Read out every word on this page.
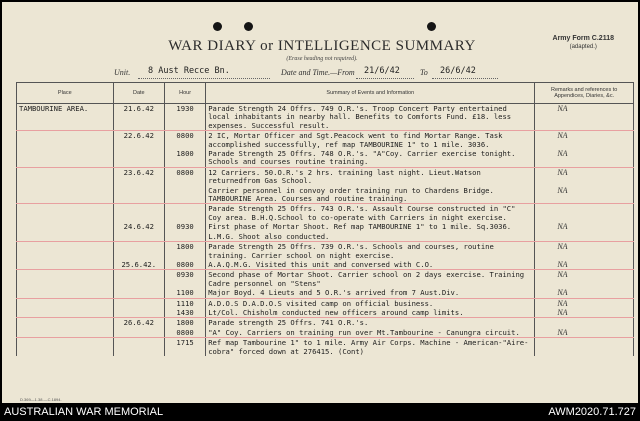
WAR DIARY or INTELLIGENCE SUMMARY
(Erase heading not required).
Army Form C.2118
(adapted.)
Unit. 8 Aust Recce Bn.	Date and Time.—From 21/6/42	To 26/6/42
Place	Date	Hour	Summary of Events and Information	Remarks and references to Appendices, Diaries, &c.
TAMBOURINE AREA.	21.6.42	1930	Parade Strength 24 Offrs. 749 O.R.'s. Troop Concert Party entertained local inhabitants in nearby hall. Benefits to Comforts Fund. £18. less expenses. Successful result.	NA
	22.6.42	0800	2 IC, Mortar Officer and Sgt.Peacock went to find Mortar Range. Task accomplished successfully, ref map TAMBOURINE 1" to 1 mile. 3036.	NA
		1800	Parade Strength 25 Offrs. 748 O.R.'s. "A"Coy. Carrier exercise tonight. Schools and courses routine training.	NA
	23.6.42	0800	12 Carriers. 50.O.R.'s 2 hrs. training last night. Lieut.Watson returnedfrom Gas School.	NA
			Carrier personnel in convoy order training run to Chardens Bridge. TAMBOURINE Area. Courses and routine training.	NA
			Parade Strength 25 Offrs. 743 O.R.'s. Assault Course constructed in "C" Coy area. B.H.Q.School to co-operate with Carriers in night exercise.	
	24.6.42	0930	First phase of Mortar Shoot. Ref map TAMBOURINE 1" to 1 mile. Sq.3036.	NA
			L.M.G. Shoot also conducted.	
		1800	Parade Strength 25 Offrs. 739 O.R.'s. Schools and courses, routine training. Carrier school on night exercise.	NA
	25.6.42.	0800	A.A.Q.M.G. Visited this unit and conversed with C.O.	NA
		0930	Second phase of Mortar Shoot. Carrier school on 2 days exercise. Training Cadre personnel on "Stens"	NA
		1100	Major Boyd. 4 Lieuts and 5 O.R.'s arrived from 7 Aust.Div.	NA
		1110	A.D.O.S D.A.D.O.S visited camp on official business.	NA
		1430	Lt/Col. Chisholm conducted new officers around camp limits.	NA
	26.6.42	1800	Parade strength 25 Offrs. 741 O.R.'s.	
		0800	"A" Coy. Carriers on training run over Mt.Tambourine - Canungra circuit.	NA
		1715	Ref map Tambourine 1" to 1 mile. Army Air Corps. Machine - American-"Aire-cobra" forced down at 276415. (Cont)	
D.369—1.38.—C.1894.
AUSTRALIAN WAR MEMORIAL	AWM2020.71.727
